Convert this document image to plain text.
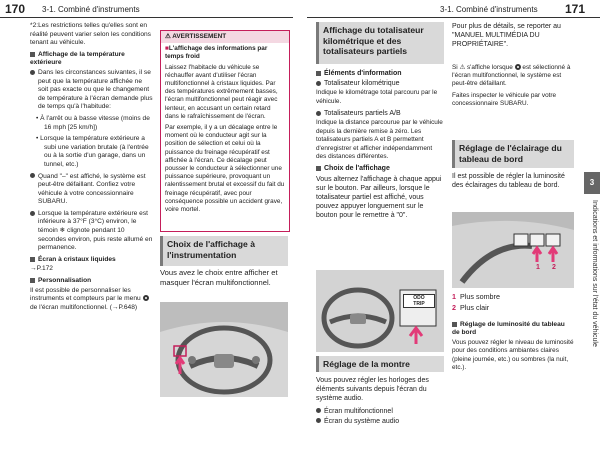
170 3-1. Combiné d'instruments	3-1. Combiné d'instruments 171

*2:Les restrictions telles qu'elles sont en réalité peuvent varier selon les conditions tenant au véhicule.

Affichage de la température extérieure

Dans les circonstances suivantes, il se peut que la température affichée ne soit pas exacte ou que le changement de température à l'écran demande plus de temps qu'à l'habitude:

• À l'arrêt ou à basse vitesse (moins de 16 mph [25 km/h])

• Lorsque la température extérieure a subi une variation brutale (à l'entrée ou à la sortie d'un garage, dans un tunnel, etc.)

Quand "–" est affiché, le système est peut-être défaillant. Confiez votre véhicule à votre concessionnaire SUBARU.

Lorsque la température extérieure est inférieure à 37°F (3°C) environ, le témoin ❄ clignote pendant 10 secondes environ, puis reste allumé en permanence.

Écran à cristaux liquides

→P.172

Personnalisation

Il est possible de personnaliser les instruments et compteurs par le menu  de l'écran multifonctionnel. (→P.648)

⚠ AVERTISSEMENT
■L'affichage des informations par temps froid

Laissez l'habitacle du véhicule se réchauffer avant d'utiliser l'écran multifonctionnel à cristaux liquides. Par des températures extrêmement basses, l'écran multifonctionnel peut réagir avec lenteur, en accusant un certain retard dans le rafraîchissement de l'écran.

Par exemple, il y a un décalage entre le moment où le conducteur agit sur la position de sélection et celui où la puissance du freinage récupératif est affichée à l'écran. Ce décalage peut pousser le conducteur à sélectionner une puissance supérieure, provoquant un ralentissement brutal et excessif du fait du freinage récupératif, avec pour conséquence possible un accident grave, voire mortel.

Choix de l'affichage à l'instrumentation

Vous avez le choix entre afficher et masquer l'écran multifonctionnel.

Affichage du totalisateur kilométrique et des totalisateurs partiels
Éléments d'information

Totalisateur kilométrique

Indique le kilométrage total parcouru par le véhicule.

Totalisateurs partiels A/B

Indique la distance parcourue par le véhicule depuis la dernière remise à zéro. Les totalisateurs partiels A et B permettent d'enregistrer et afficher indépendamment des distances différentes.

Choix de l'affichage

Vous alternez l'affichage à chaque appui sur le bouton. Par ailleurs, lorsque le totalisateur partiel est affiché, vous pouvez appuyer longuement sur le bouton pour le remettre à "0".

ODO
TRIP
Réglage de la montre

Vous pouvez régler les horloges des éléments suivants depuis l'écran du système audio.

Écran multifonctionnel

Écran du système audio

Pour plus de détails, se reporter au "MANUEL MULTIMÉDIA DU PROPRIÉTAIRE".

Si ⚠ s'affiche lorsque est sélectionné à l'écran multifonctionnel, le système est peut-être défaillant.

Faites inspecter le véhicule par votre concessionnaire SUBARU.

Réglage de l'éclairage du tableau de bord

Il est possible de régler la luminosité des éclairages du tableau de bord.

1 2

1 Plus sombre

2 Plus clair

Réglage de luminosité du tableau de bord

Vous pouvez régler le niveau de luminosité pour des conditions ambiantes claires (pleine journée, etc.) ou sombres (la nuit, etc.).

3
Indications et informations sur l'état du véhicule
